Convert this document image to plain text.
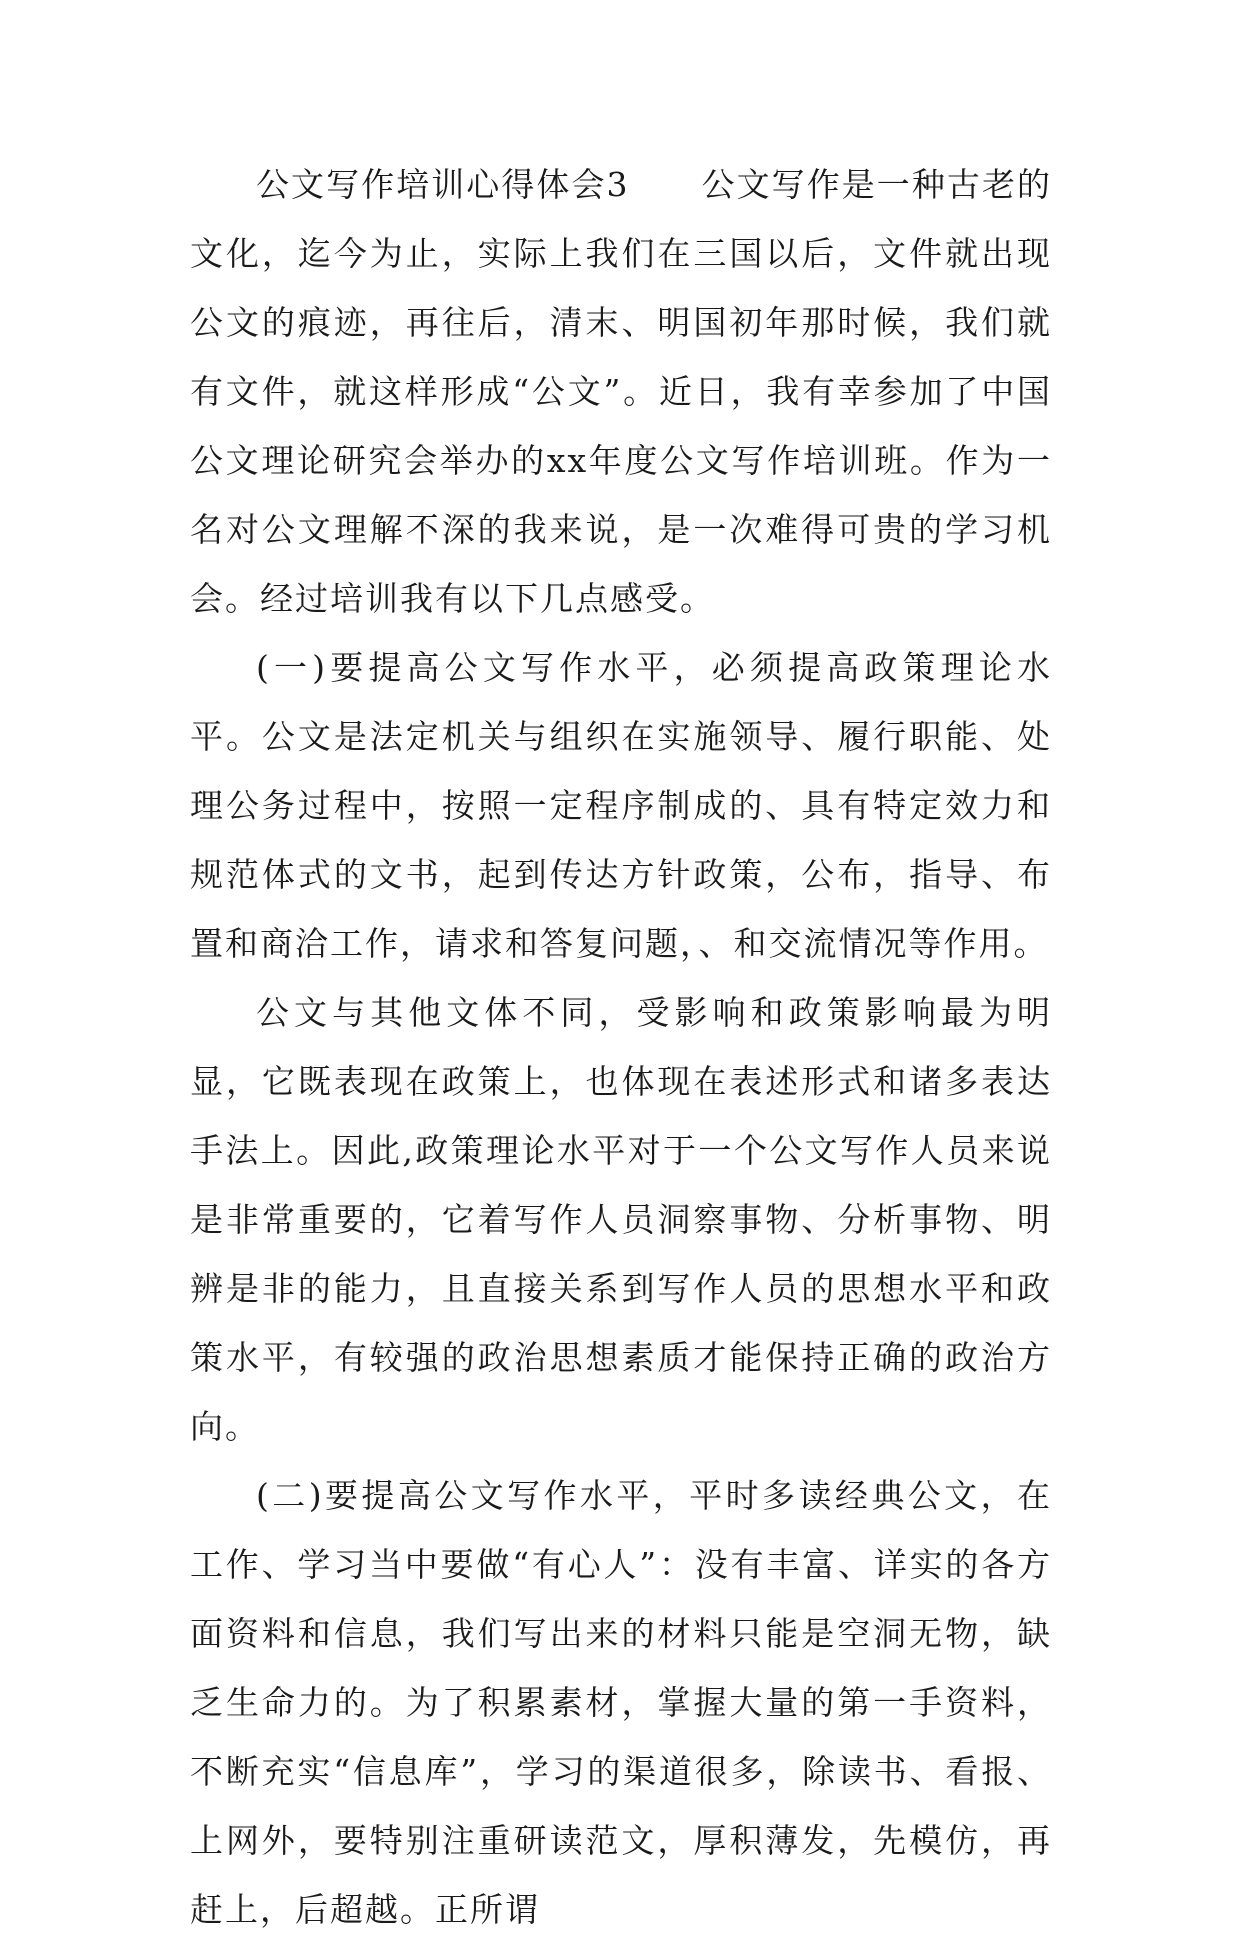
公文写作培训心得体会3 公文写作是一种古老的文化，迄今为止，实际上我们在三国以后，文件就出现公文的痕迹，再往后，清末、明国初年那时候，我们就有文件，就这样形成“公文”。近日，我有幸参加了中国公文理论研究会举办的xx年度公文写作培训班。作为一名对公文理解不深的我来说，是一次难得可贵的学习机会。经过培训我有以下几点感受。

(一)要提高公文写作水平，必须提高政策理论水平。公文是法定机关与组织在实施领导、履行职能、处理公务过程中，按照一定程序制成的、具有特定效力和规范体式的文书，起到传达方针政策，公布，指导、布置和商洽工作，请求和答复问题，、和交流情况等作用。

公文与其他文体不同，受影响和政策影响最为明显，它既表现在政策上，也体现在表述形式和诸多表达手法上。因此,政策理论水平对于一个公文写作人员来说是非常重要的，它着写作人员洞察事物、分析事物、明辨是非的能力，且直接关系到写作人员的思想水平和政策水平，有较强的政治思想素质才能保持正确的政治方向。

(二)要提高公文写作水平，平时多读经典公文，在工作、学习当中要做“有心人”：没有丰富、详实的各方面资料和信息，我们写出来的材料只能是空洞无物，缺乏生命力的。为了积累素材，掌握大量的第一手资料，不断充实“信息库”，学习的渠道很多，除读书、看报、上网外，要特别注重研读范文，厚积薄发，先模仿，再赶上，后超越。正所谓
